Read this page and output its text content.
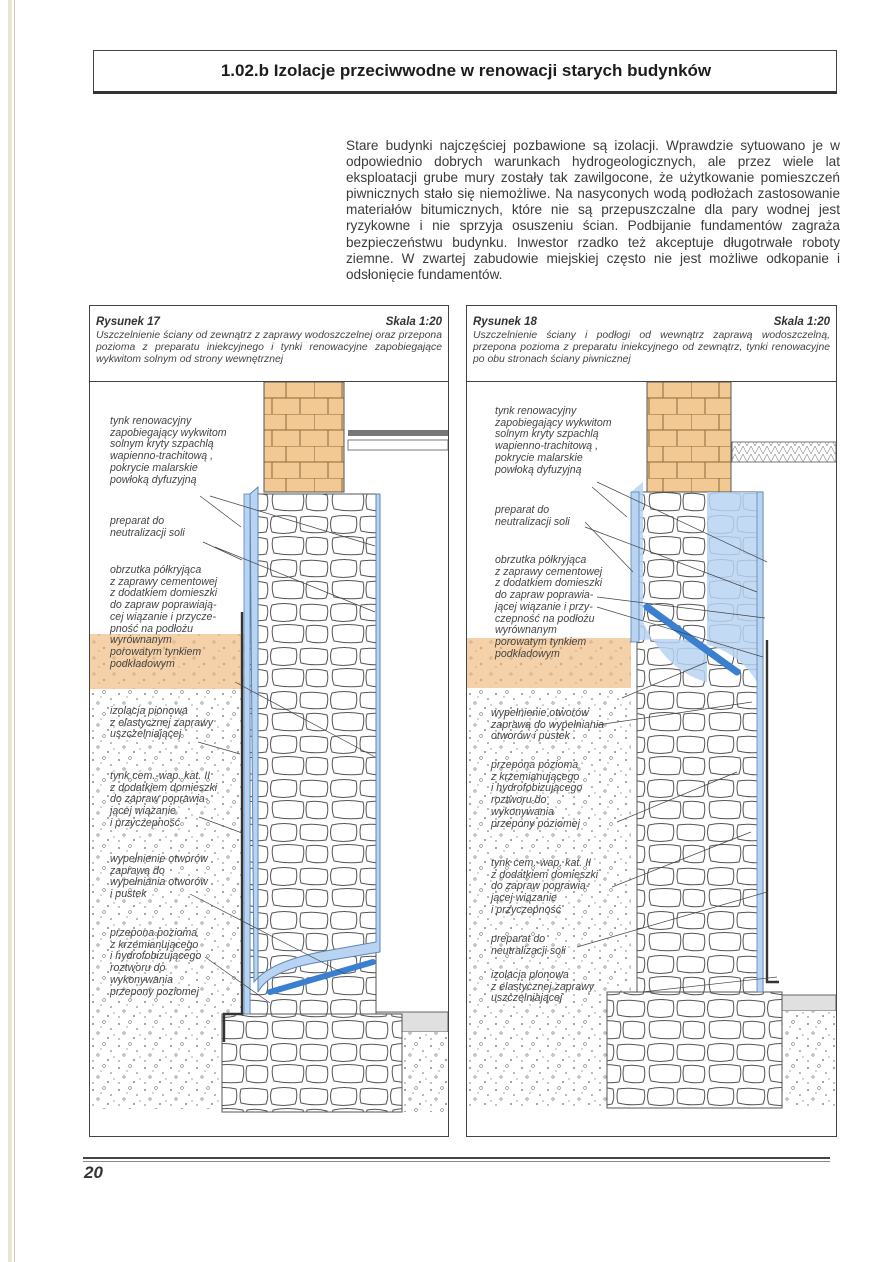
1.02.b Izolacje przeciwwodne w renowacji starych budynków
Stare budynki najczęściej pozbawione są izolacji. Wprawdzie sytuowano je w odpowiednio dobrych warunkach hydrogeologicznych, ale przez wiele lat eksploatacji grube mury zostały tak zawilgocone, że użytkowanie pomieszczeń piwnicznych stało się niemożliwe. Na nasyconych wodą podłożach zastosowanie materiałów bitumicznych, które nie są przepuszczalne dla pary wodnej jest ryzykowne i nie sprzyja osuszeniu ścian. Podbijanie fundamentów zagraża bezpieczeństwu budynku. Inwestor rzadko też akceptuje długotrwałe roboty ziemne. W zwartej zabudowie miejskiej często nie jest możliwe odkopanie i odsłonięcie fundamentów.
Rysunek 17	Skala 1:20
Uszczelnienie ściany od zewnątrz z zaprawy wodoszczelnej oraz przepona pozioma z preparatu iniekcyjnego i tynki renowacyjne zapobiegające wykwitom solnym od strony wewnętrznej
tynk renowacyjny
zapobiegający wykwitom
solnym kryty szpachlą
wapienno-trachitową ,
pokrycie malarskie
powłoką dyfuzyjną
preparat do
neutralizacji soli
obrzutka półkryjąca
z zaprawy cementowej
z dodatkiem domieszki
do zapraw poprawiają-
cej wiązanie i przycze-
pność na podłożu
wyrównanym
porowatym tynkiem
podkładowym
izolacja pionowa
z elastycznej zaprawy
uszczelniającej
tynk cem.-wap. kat. II
z dodatkiem domieszki
do zapraw poprawia-
jącej wiązanie
i przyczepność
wypełnienie otworów
zaprawą do
wypełniania otworów
i pustek
przepona pozioma
z krzemianującego
i hydrofobizującego
roztworu do
wykonywania
przepony poziomej
Rysunek 18	Skala 1:20
Uszczelnienie ściany i podłogi od wewnątrz zaprawą wodoszczelną, przepona pozioma z preparatu iniekcyjnego od zewnątrz, tynki renowacyjne po obu stronach ściany piwnicznej
tynk renowacyjny
zapobiegający wykwitom
solnym kryty szpachlą
wapienno-trachitową ,
pokrycie malarskie
powłoką dyfuzyjną
preparat do
neutralizacji soli
obrzutka półkryjąca
z zaprawy cementowej
z dodatkiem domieszki
do zapraw poprawia-
jącej wiązanie i przy-
czepność na podłożu
wyrównanym
porowatym tynkiem
podkładowym
wypełnienie otworów
zaprawą do wypełniania
otworów i pustek
przepona pozioma
z krzemianującego
i hydrofobizującego
roztworu do
wykonywania
przepony poziomej
tynk cem.-wap. kat. II
z dodatkiem domieszki
do zapraw poprawia-
jącej wiązanie
i przyczepność
preparat do
neutralizacji soli
izolacja pionowa
z elastycznej zaprawy
uszczelniającej
20
